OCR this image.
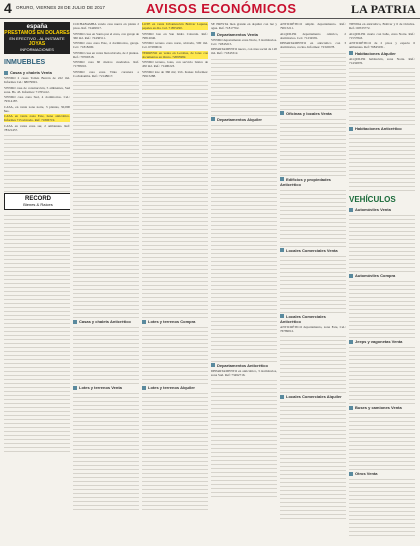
4 ORURO, VIERNES 28 DE JULIO DE 2017	AVISOS ECONÓMICOS	LA PATRIA
españa
PRESTAMOS EN DOLARES
EN EFECTIVO - AL INSTANTE
JOYAS
INFORMACIONES
INMUEBLES
Casas y chalets Venta

VENDO 2 casas Tomás Barrón de 222 m2. Informes Cel.: 68079991.

VENDO casa de construcción, 5 ambientes, Sud zona. Bs. 43. Informes: 71765412.

VENDO casa zona Sud, 4 dormitorios. Cel.: 79314187.

CASA, en venta zona norte, 3 plantas, 30,000 $us.

CASA en venta zona Este, tiene anticrético. Informes 715 ubicado. Ref: 71806719.

CASA en venta zona sur, 2 ambientes. Ref: 78321457.

RECORD
Bienes & Raíces

COCHABAMBA vendo casa nueva en planta 2 pisos. Ref. 72449917.

VENDO casa en Santa paz el zona, con garaje de 360 m2. Ref.: 72436511.

VENDO casa zona Este, 4 dormitorios, garaje. Cel.: 71818200.

VENDO casa en venta bien ubicada, de 2 plantas. Ref.: 79769318.

VENDO casa 60 metros cuadrados. Ref. 71785010.

VENDO casa zona Vinto carretera a Cochabamba. Ref.: 72148617.

Casas y chalets Anticrético
Lotes y terrenos Venta

LOTE en venta Urbanización Bolívar Lupuna, papeles en día. Cel. 71855290.

VENDO lote en San Isidro Calacala. Ref.: 79812046.

VENDO terreno zona norte, ubicada, 500 m2. Cel. 67280019.

TERRENO en venta en Lecabas, de lotes con documentos en Oruro. 72095982.

VENDO terreno, lotes, con servicio básico de 450 m2. Ref.: 71490223.

VENDO lote de 360 m2, Urb. Kaiser. Informes: 79915288.

Lotes y terrenos Compra
Lotes y terrenos Alquiler

SE PRESTA bien grande en alquiler con luz y agua. Ref. 71817762.

Departamentos Venta

VENDO departamento zona Norte, 3 dormitorios. Cel.: 72843215.

DEPARTAMENTO nuevo, con área social de 120 m2. Ref.: 71843312.

Departamentos Alquiler
Departamentos Anticrético

DEPARTAMENTO en anticrético, 3 dormitorios, zona Sud. Ref: 73492716.

ANTICRÉTICO amplio departamento. Ref.: 79015211.

ALQUILER departamento céntrico, 2 dormitorios. Cel.: 71234581.

DEPARTAMENTO en anticrético con 3 dormitorios, cocina. Informes: 72345678.

Oficinas y locales Venta
Edificios y propiedades Anticrético
Locales Comerciales Venta
Locales Comerciales Anticrético

ANTICRÉTICO departamento, zona Este, Cel.: 76789012.

Locales Comerciales Alquiler

TIENDA en anticrético, Bolívar y 6 de Octubre. Ref.: 60533772.

ALQUILER cuarto con baño, zona Norte. Ref.: 71557843.

ANTICRÉTICO de 2 pisos y espacio 6 ambientes. Ref: 76845031.

Habitaciones Alquiler

ALQUILER habitación, zona Norte. Ref.: 71432876.

Habitaciones Anticrético
VEHÍCULOS
Automóviles Venta
Automóviles Compra
Jeeps y vagonetas Venta
Buses y camiones Venta
Otros Venta
